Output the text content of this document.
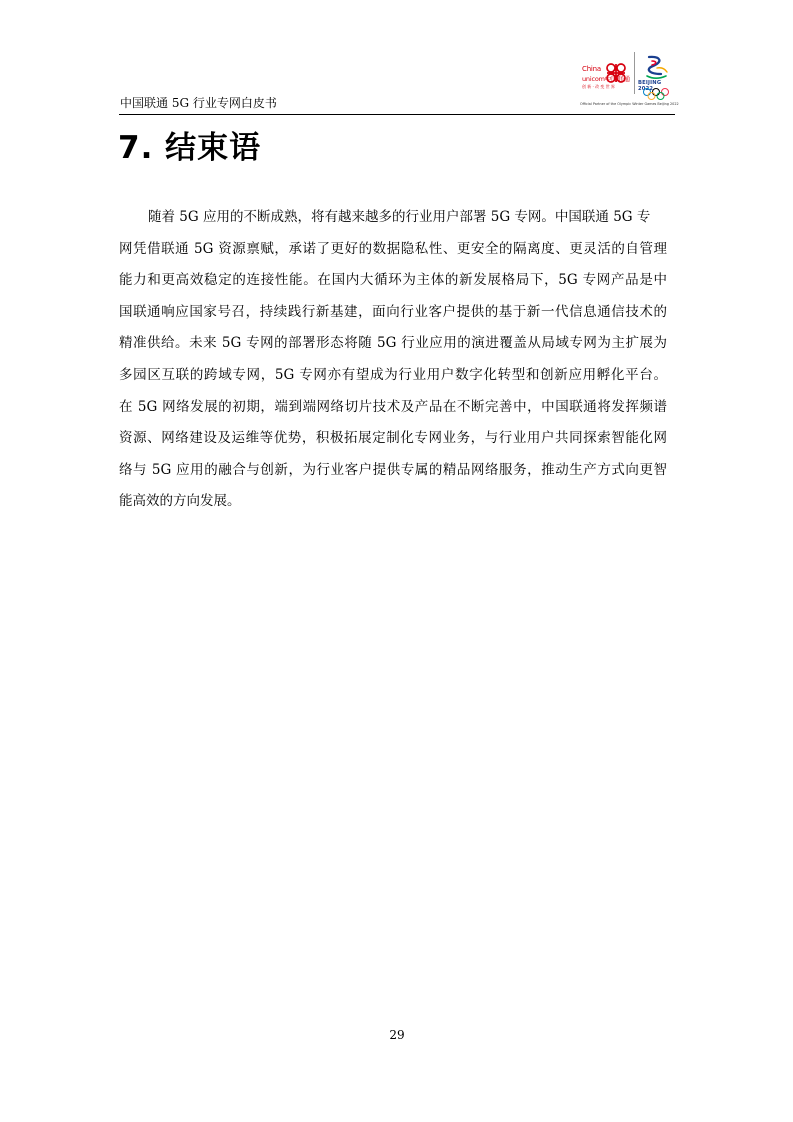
中国联通 5G 行业专网白皮书
China
unicom中国联通
创 新 · 改 变 世 界
BEIJING 2022
Official Partner of the Olympic Winter Games Beijing 2022
7. 结束语
随着 5G 应用的不断成熟，将有越来越多的行业用户部署 5G 专网。中国联通 5G 专
网凭借联通 5G 资源禀赋，承诺了更好的数据隐私性、更安全的隔离度、更灵活的自管理
能力和更高效稳定的连接性能。在国内大循环为主体的新发展格局下，5G 专网产品是中
国联通响应国家号召，持续践行新基建，面向行业客户提供的基于新一代信息通信技术的
精准供给。未来 5G 专网的部署形态将随 5G 行业应用的演进覆盖从局域专网为主扩展为
多园区互联的跨域专网，5G 专网亦有望成为行业用户数字化转型和创新应用孵化平台。
在 5G 网络发展的初期，端到端网络切片技术及产品在不断完善中，中国联通将发挥频谱
资源、网络建设及运维等优势，积极拓展定制化专网业务，与行业用户共同探索智能化网
络与 5G 应用的融合与创新，为行业客户提供专属的精品网络服务，推动生产方式向更智
能高效的方向发展。
29
